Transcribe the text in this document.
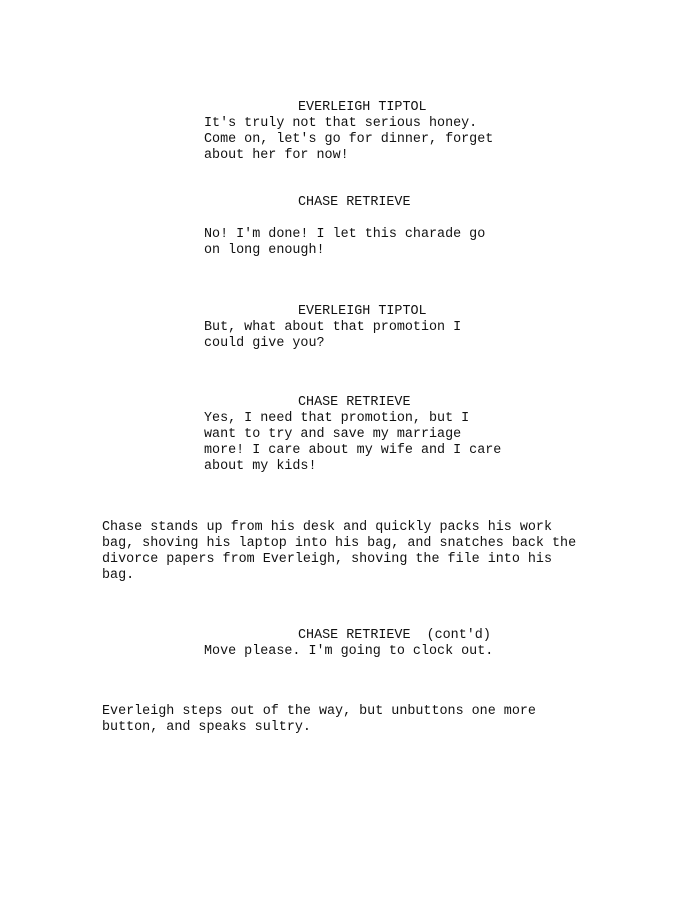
EVERLEIGH TIPTOL
It's truly not that serious honey.
Come on, let's go for dinner, forget
about her for now!
CHASE RETRIEVE
No! I'm done! I let this charade go
on long enough!
EVERLEIGH TIPTOL
But, what about that promotion I
could give you?
CHASE RETRIEVE
Yes, I need that promotion, but I
want to try and save my marriage
more! I care about my wife and I care
about my kids!
Chase stands up from his desk and quickly packs his work
bag, shoving his laptop into his bag, and snatches back the
divorce papers from Everleigh, shoving the file into his
bag.
CHASE RETRIEVE  (cont'd)
Move please. I'm going to clock out.
Everleigh steps out of the way, but unbuttons one more
button, and speaks sultry.
